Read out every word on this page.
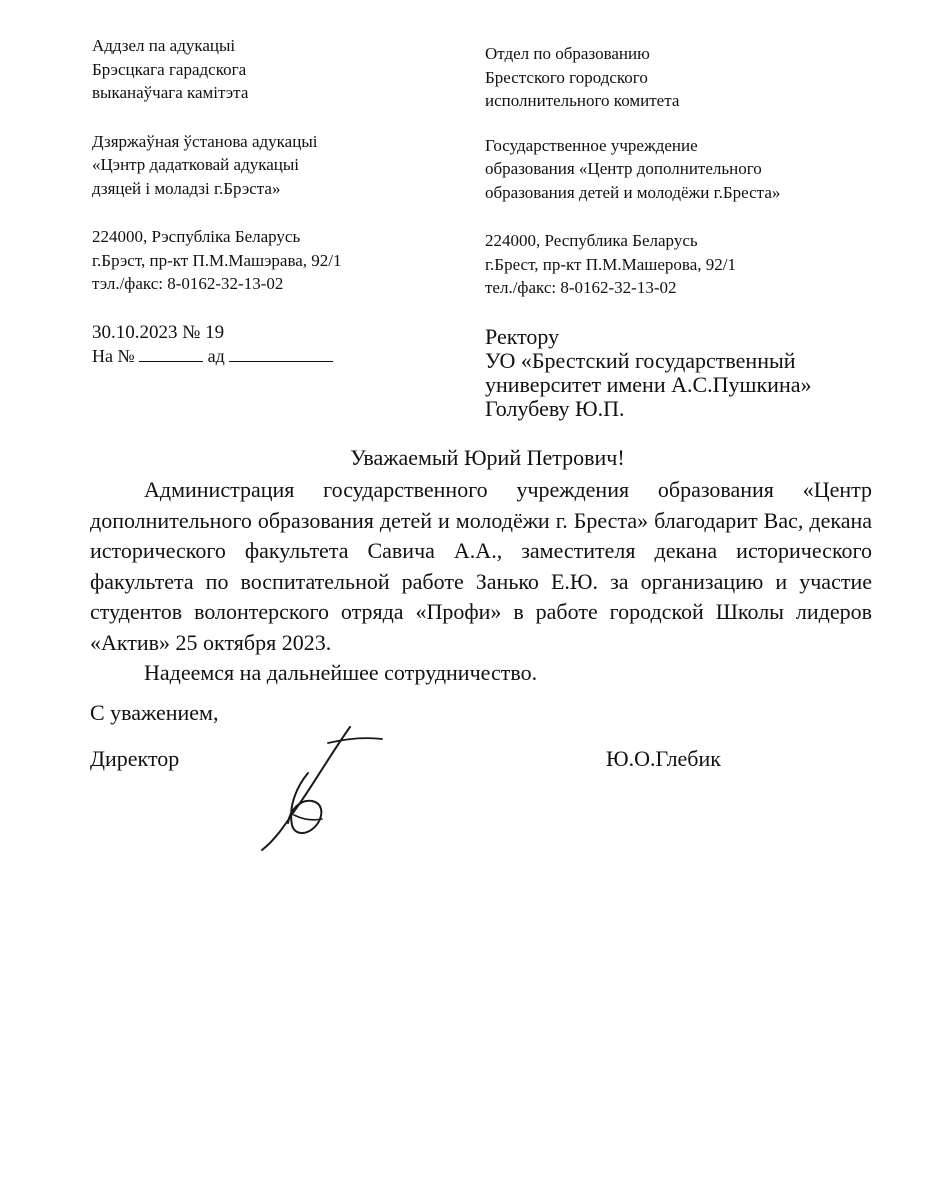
Аддзел па адукацыі
Брэсцкага гарадскога
выканаўчага камітэта
Дзяржаўная ўстанова адукацыі
«Цэнтр дадатковай адукацыі
дзяцей і моладзі г.Брэста»
224000, Рэспубліка Беларусь
г.Брэст, пр-кт П.М.Машэрава, 92/1
тэл./факс: 8-0162-32-13-02
30.10.2023 № 19
На №	ад
Отдел по образованию
Брестского городского
исполнительного комитета
Государственное учреждение
образования «Центр дополнительного
образования детей и молодёжи г.Бреста»
224000, Республика Беларусь
г.Брест, пр-кт П.М.Машерова, 92/1
тел./факс: 8-0162-32-13-02
Ректору
УО «Брестский государственный
университет имени А.С.Пушкина»
Голубеву Ю.П.
Уважаемый Юрий Петрович!

Администрация государственного учреждения образования «Центр дополнительного образования детей и молодёжи г. Бреста» благодарит Вас, декана исторического факультета Савича А.А., заместителя декана исторического факультета по воспитательной работе Занько Е.Ю. за организацию и участие студентов волонтерского отряда «Профи» в работе городской Школы лидеров «Актив» 25 октября 2023.

Надеемся на дальнейшее сотрудничество.

С уважением,
Директор	Ю.О.Глебик
